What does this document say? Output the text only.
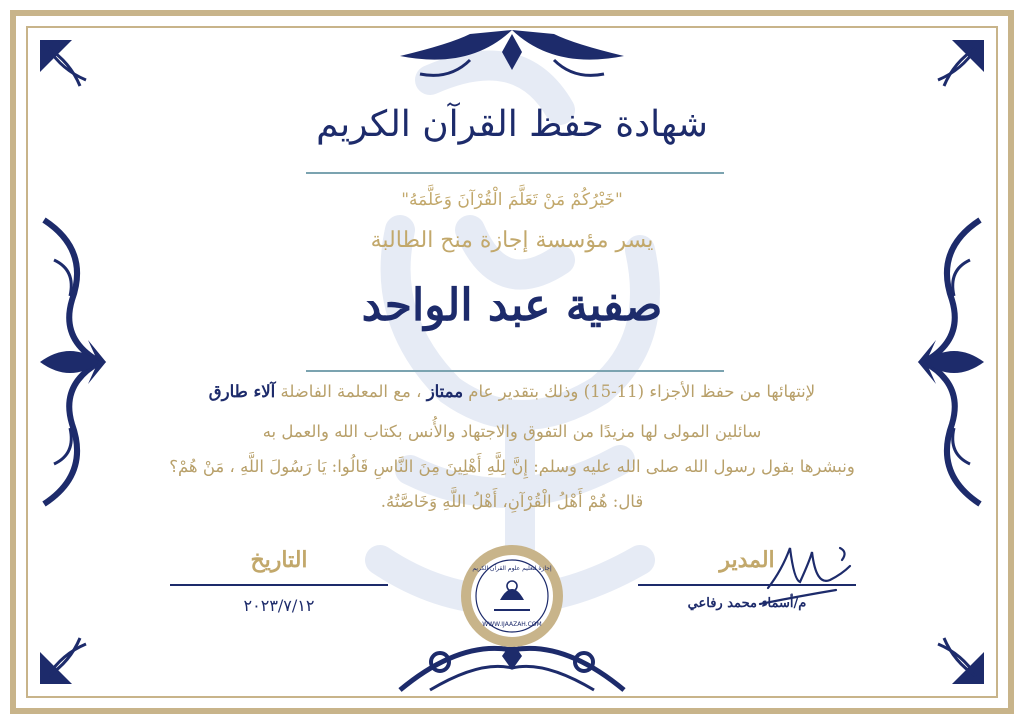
إجازة لتعليم علوم القرآن الكريم
WWW.IJAAZAH.COM
شهادة حفظ القرآن الكريم
"خَيْرُكُمْ مَنْ تَعَلَّمَ الْقُرْآنَ وَعَلَّمَهُ"
يسر مؤسسة إجازة منح الطالبة
صفية عبد الواحد
لإنتهائها من حفظ الأجزاء (11-15) وذلك بتقدير عام ممتاز ، مع المعلمة الفاضلة آلاء طارق
سائلين المولى لها مزيدًا من التفوق والاجتهاد والأُنس بكتاب الله والعمل به
ونبشرها بقول رسول الله صلى الله عليه وسلم: إِنَّ لِلَّهِ أَهْلِينَ مِنَ النَّاسِ قَالُوا: يَا رَسُولَ اللَّهِ ، مَنْ هُمْ؟
قال: هُمْ أَهْلُ الْقُرْآنِ، أَهْلُ اللَّهِ وَخَاصَّتُهُ.
التاريخ
٢٠٢٣/٧/١٢
المدير
م/أسماء محمد رفاعي
